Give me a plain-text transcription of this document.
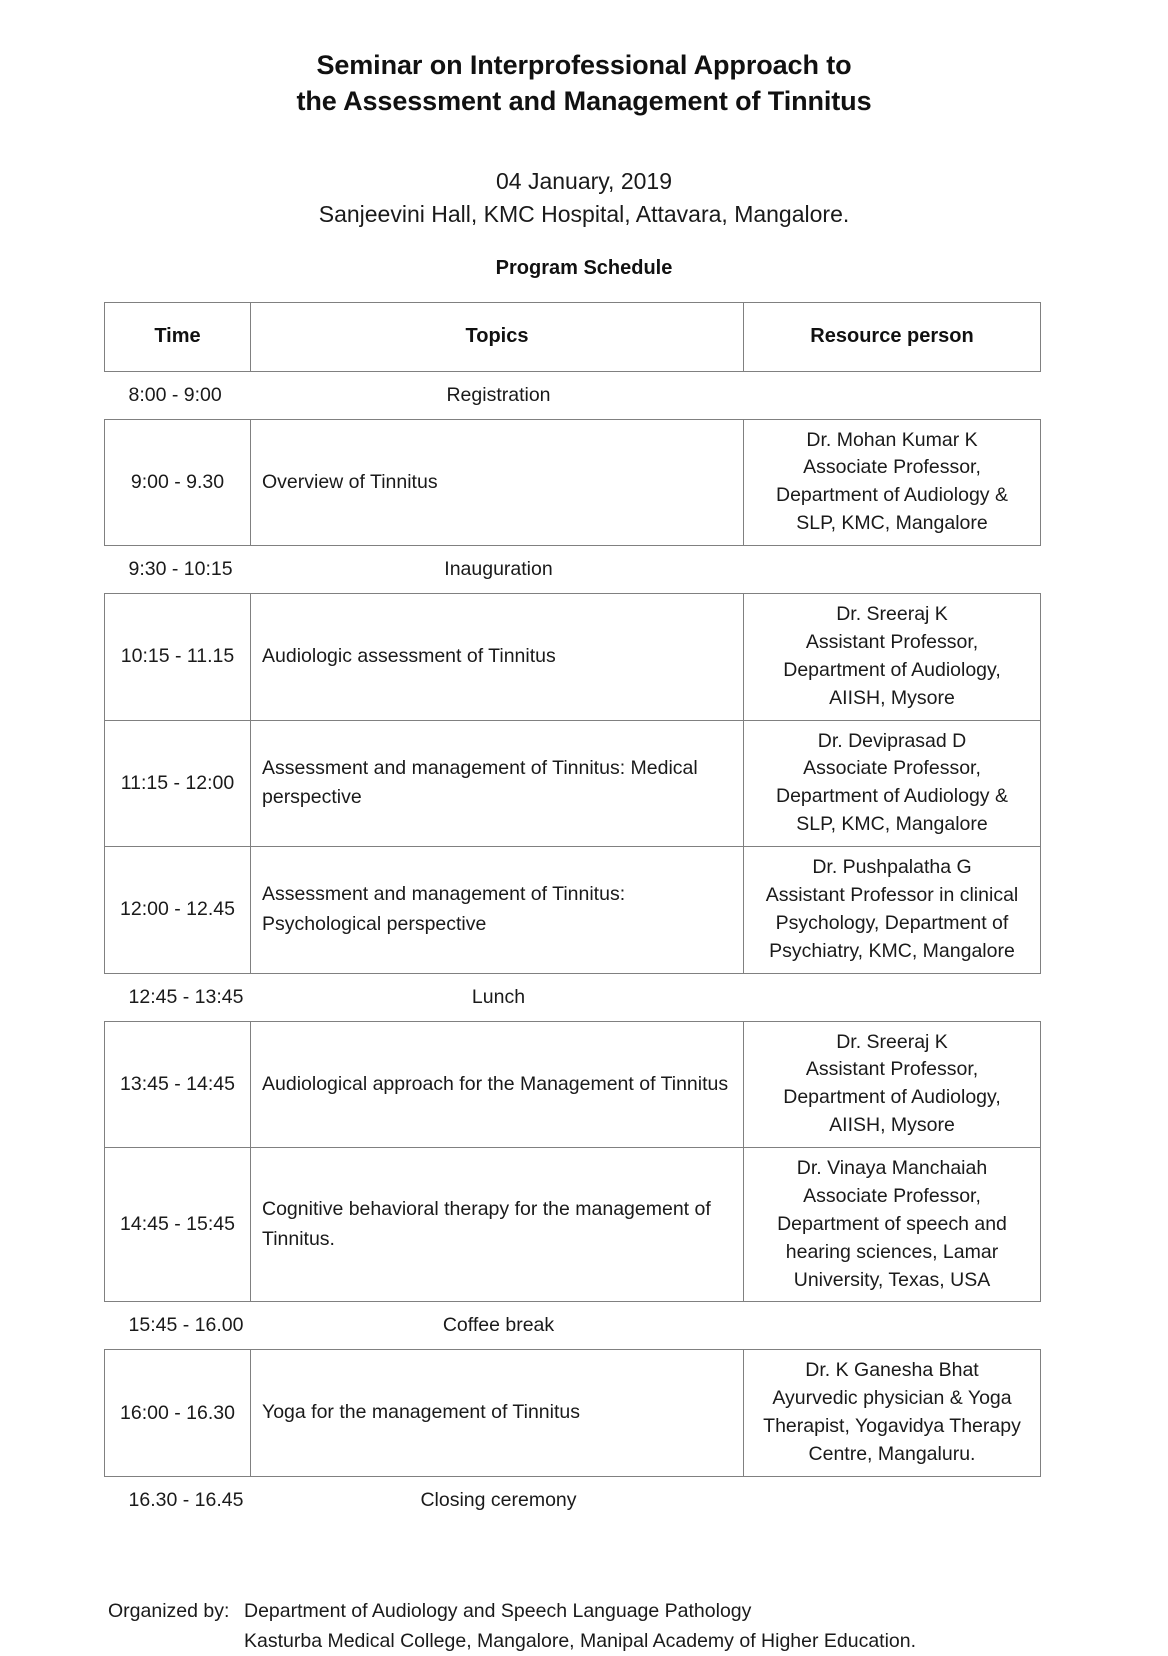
Seminar on Interprofessional Approach to
the Assessment and Management of Tinnitus
04 January, 2019
Sanjeevini Hall, KMC Hospital, Attavara, Mangalore.
Program Schedule
Time	Topics	Resource person

8:00 - 9:00 Registration		

9:00 - 9.30	Overview of Tinnitus	Dr. Mohan Kumar K
Associate Professor,
Department of Audiology &
SLP, KMC, Mangalore

9:30 - 10:15 Inauguration		

10:15 - 11.15	Audiologic assessment of Tinnitus	Dr. Sreeraj K
Assistant Professor,
Department of Audiology,
AIISH, Mysore

11:15 - 12:00	Assessment and management of Tinnitus: Medical perspective	Dr. Deviprasad D
Associate Professor,
Department of Audiology &
SLP, KMC, Mangalore

12:00 - 12.45	Assessment and management of Tinnitus: Psychological perspective	Dr. Pushpalatha G
Assistant Professor in clinical
Psychology, Department of
Psychiatry, KMC, Mangalore

12:45 - 13:45 Lunch		

13:45 - 14:45	Audiological approach for the Management of Tinnitus	Dr. Sreeraj K
Assistant Professor,
Department of Audiology,
AIISH, Mysore

14:45 - 15:45	Cognitive behavioral therapy for the management of Tinnitus.	Dr. Vinaya Manchaiah
Associate Professor,
Department of speech and
hearing sciences, Lamar
University, Texas, USA

15:45 - 16.00 Coffee break		

16:00 - 16.30	Yoga for the management of Tinnitus	Dr. K Ganesha Bhat
Ayurvedic physician & Yoga
Therapist, Yogavidya Therapy
Centre, Mangaluru.

16.30 - 16.45 Closing ceremony		
Organized by: Department of Audiology and Speech Language Pathology
Kasturba Medical College, Mangalore, Manipal Academy of Higher Education.
